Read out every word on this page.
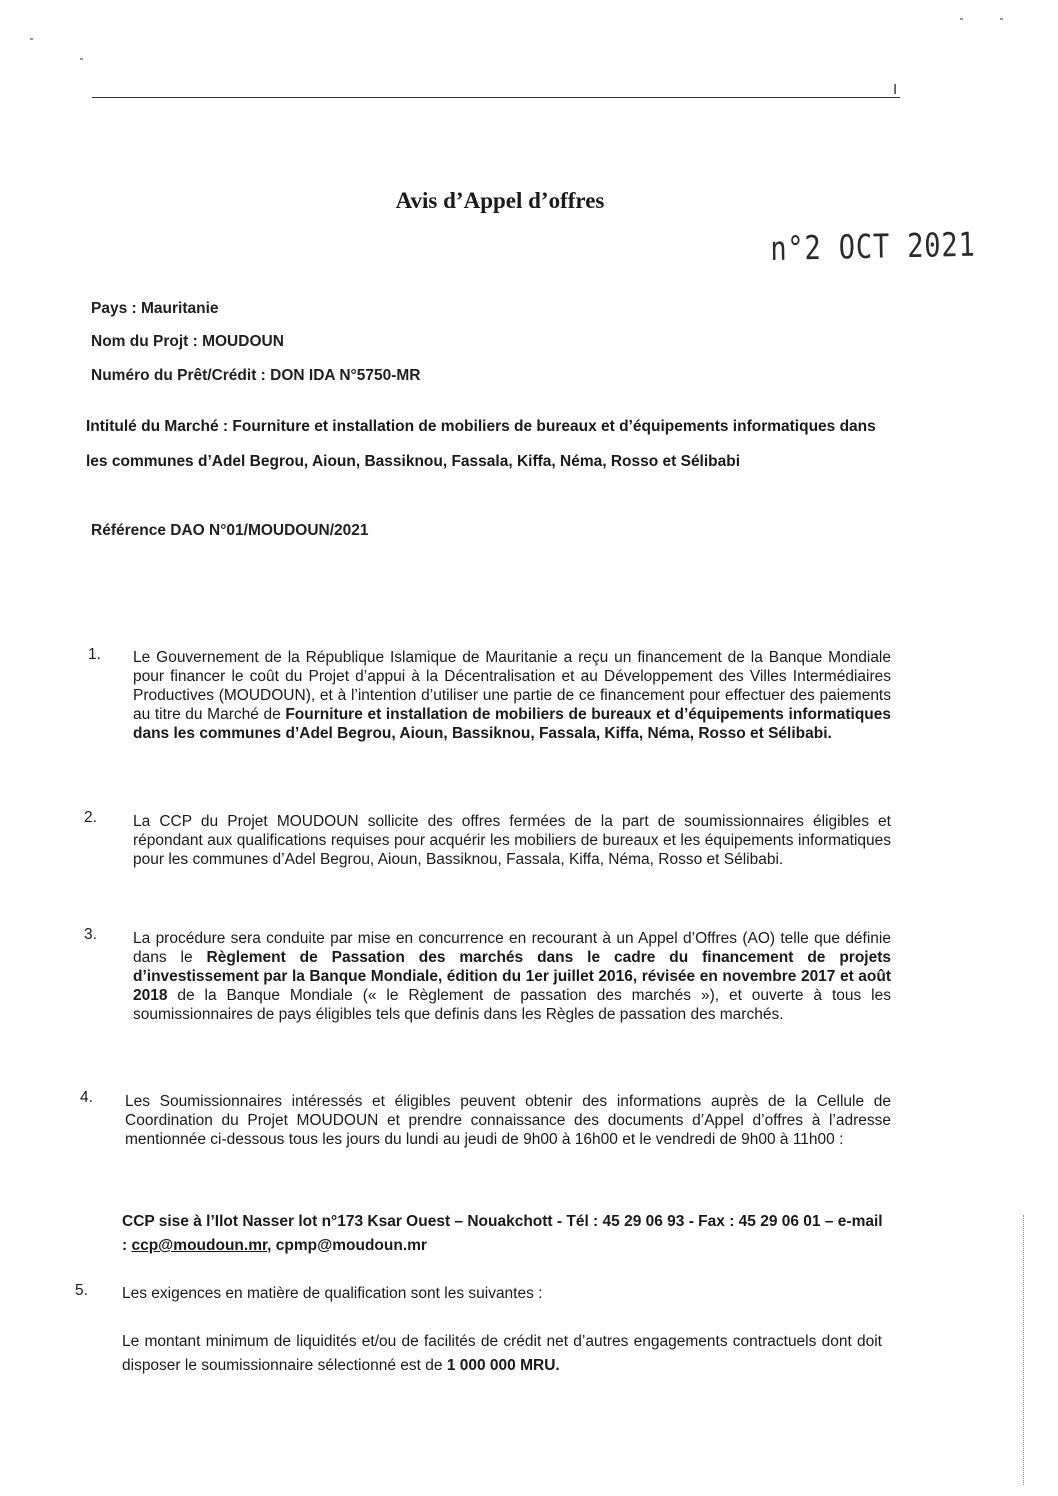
I
Avis d’Appel d’offres
n°2 OCT 2021
Pays : Mauritanie
Nom du Projt : MOUDOUN
Numéro du Prêt/Crédit : DON IDA N°5750-MR
Intitulé du Marché : Fourniture et installation de mobiliers de bureaux et d’équipements informatiques dans les communes d’Adel Begrou, Aioun, Bassiknou, Fassala, Kiffa, Néma, Rosso et Sélibabi
Référence DAO N°01/MOUDOUN/2021
1. Le Gouvernement de la République Islamique de Mauritanie a reçu un financement de la Banque Mondiale pour financer le coût du Projet d’appui à la Décentralisation et au Développement des Villes Intermédiaires Productives (MOUDOUN), et à l’intention d’utiliser une partie de ce financement pour effectuer des paiements au titre du Marché de Fourniture et installation de mobiliers de bureaux et d’équipements informatiques dans les communes d’Adel Begrou, Aioun, Bassiknou, Fassala, Kiffa, Néma, Rosso et Sélibabi.
2. La CCP du Projet MOUDOUN sollicite des offres fermées de la part de soumissionnaires éligibles et répondant aux qualifications requises pour acquérir les mobiliers de bureaux et les équipements informatiques pour les communes d’Adel Begrou, Aioun, Bassiknou, Fassala, Kiffa, Néma, Rosso et Sélibabi.
3. La procédure sera conduite par mise en concurrence en recourant à un Appel d’Offres (AO) telle que définie dans le Règlement de Passation des marchés dans le cadre du financement de projets d’investissement par la Banque Mondiale, édition du 1er juillet 2016, révisée en novembre 2017 et août 2018 de la Banque Mondiale (« le Règlement de passation des marchés »), et ouverte à tous les soumissionnaires de pays éligibles tels que definis dans les Règles de passation des marchés.
4. Les Soumissionnaires intéressés et éligibles peuvent obtenir des informations auprès de la Cellule de Coordination du Projet MOUDOUN et prendre connaissance des documents d’Appel d’offres à l’adresse mentionnée ci-dessous tous les jours du lundi au jeudi de 9h00 à 16h00 et le vendredi de 9h00 à 11h00 :
CCP sise à l’Ilot Nasser lot n°173 Ksar Ouest – Nouakchott - Tél : 45 29 06 93 - Fax : 45 29 06 01 – e-mail : ccp@moudoun.mr, cpmp@moudoun.mr
5. Les exigences en matière de qualification sont les suivantes :
Le montant minimum de liquidités et/ou de facilités de crédit net d’autres engagements contractuels dont doit disposer le soumissionnaire sélectionné est de 1 000 000 MRU.
